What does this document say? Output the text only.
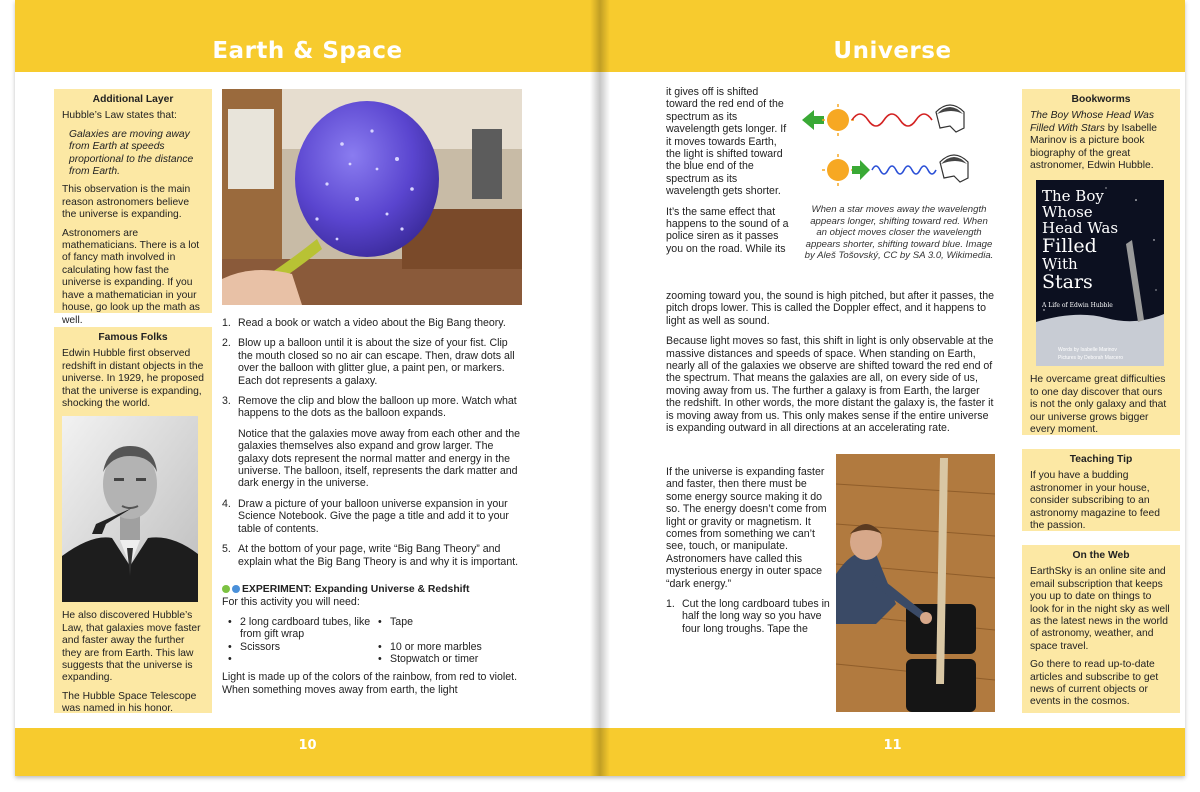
Earth & Space
Additional Layer

Hubble’s Law states that:

Galaxies are moving away from Earth at speeds proportional to the distance from Earth.

This observation is the main reason astronomers believe the universe is expanding.

Astronomers are mathematicians. There is a lot of fancy math involved in calculating how fast the universe is expanding. If you have a mathematician in your house, go look up the math as well.

Famous Folks

Edwin Hubble first observed redshift in distant objects in the universe. In 1929, he proposed that the universe is expanding, shocking the world.

He also discovered Hubble’s Law, that galaxies move faster and faster away the further they are from Earth. This law suggests that the universe is expanding.

The Hubble Space Telescope was named in his honor.

1. Read a book or watch a video about the Big Bang theory.
2. Blow up a balloon until it is about the size of your fist. Clip the mouth closed so no air can escape. Then, draw dots all over the balloon with glitter glue, a paint pen, or markers. Each dot represents a galaxy.
3. Remove the clip and blow the balloon up more. Watch what happens to the dots as the balloon expands.
Notice that the galaxies move away from each other and the galaxies themselves also expand and grow larger. The galaxy dots represent the normal matter and energy in the universe. The balloon, itself, represents the dark matter and dark energy in the universe.
4. Draw a picture of your balloon universe expansion in your Science Notebook. Give the page a title and add it to your table of contents.
5. At the bottom of your page, write “Big Bang Theory” and explain what the Big Bang Theory is and why it is important.
EXPERIMENT: Expanding Universe & Redshift
For this activity you will need:
• 2 long cardboard tubes, like from gift wrap
• Tape
• Scissors
•	10 or more marbles
•
• Stopwatch or timer
Light is made up of the colors of the rainbow, from red to violet. When something moves away from earth, the light
10
Universe

it gives off is shifted toward the red end of the spectrum as its wavelength gets longer. If it moves towards Earth, the light is shifted toward the blue end of the spectrum as its wavelength gets shorter.

It’s the same effect that happens to the sound of a police siren as it passes you on the road. While its

When a star moves away the wavelength appears longer, shifting toward red. When an object moves closer the wavelength appears shorter, shifting toward blue. Image by Aleš Tošovský, CC by SA 3.0, Wikimedia.

zooming toward you, the sound is high pitched, but after it passes, the pitch drops lower. This is called the Doppler effect, and it happens to light as well as sound.

Because light moves so fast, this shift in light is only observable at the massive distances and speeds of space. When standing on Earth, nearly all of the galaxies we observe are shifted toward the red end of the spectrum. That means the galaxies are all, on every side of us, moving away from us. The further a galaxy is from Earth, the larger the redshift. In other words, the more distant the galaxy is, the faster it is moving away from us. This only makes sense if the entire universe is expanding outward in all directions at an accelerating rate.

If the universe is expanding faster and faster, then there must be some energy source making it do so. The energy doesn’t come from light or gravity or magnetism. It comes from something we can’t see, touch, or manipulate. Astronomers have called this mysterious energy in outer space “dark energy.”

1. Cut the long cardboard tubes in half the long way so you have four long troughs. Tape the
Bookworms

The Boy Whose Head Was Filled With Stars by Isabelle Marinov is a picture book biography of the great astronomer, Edwin Hubble.

The Boy
Whose
Head Was
Filled
With
Stars
A Life of Edwin Hubble
Words by Isabelle Marinov
Pictures by Deborah Marcero

He overcame great difficulties to one day discover that ours is not the only galaxy and that our universe grows bigger every moment.

Teaching Tip

If you have a budding astronomer in your house, consider subscribing to an astronomy magazine to feed the passion.

On the Web

EarthSky is an online site and email subscription that keeps you up to date on things to look for in the night sky as well as the latest news in the world of astronomy, weather, and space travel.

Go there to read up-to-date articles and subscribe to get news of current objects or events in the cosmos.

11
